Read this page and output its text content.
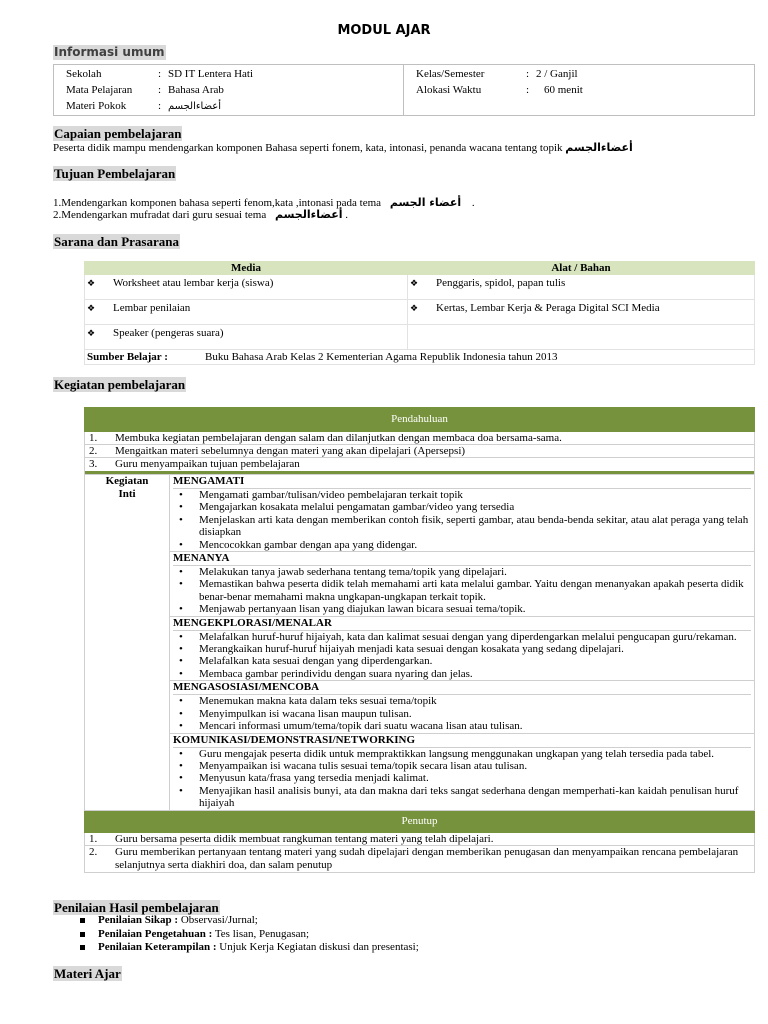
MODUL AJAR
Informasi umum
Sekolah	: SD IT Lentera Hati
Mata Pelajaran	: Bahasa Arab
Materi Pokok	: أعضاءالجسم

Kelas/Semester	: 2 / Ganjil
Alokasi Waktu	:	60 menit
Capaian pembelajaran
Peserta didik mampu mendengarkan komponen Bahasa seperti fonem, kata, intonasi, penanda wacana tentang topik أعضاءالجسم
Tujuan Pembelajaran
1.Mendengarkan komponen bahasa seperti fenom,kata ,intonasi pada tema أعضاء الجسم .
2.Mendengarkan mufradat dari guru sesuai tema أعضاءالجسم .
Sarana dan Prasarana
Media	Alat / Bahan
❖ Worksheet atau lembar kerja (siswa)	❖ Penggaris, spidol, papan tulis
❖ Lembar penilaian	❖ Kertas, Lembar Kerja & Peraga Digital SCI Media
❖ Speaker (pengeras suara)	
Sumber Belajar : Buku Bahasa Arab Kelas 2 Kementerian Agama Republik Indonesia tahun 2013	
Kegiatan pembelajaran
Pendahuluan

1.	Membuka kegiatan pembelajaran dengan salam dan dilanjutkan dengan membaca doa bersama-sama.
2.	Mengaitkan materi sebelumnya dengan materi yang akan dipelajari (Apersepsi)
3.	Guru menyampaikan tujuan pembelajaran

Kegiatan Inti	
MENGAMATI
• Mengamati gambar/tulisan/video pembelajaran terkait topik
• Mengajarkan kosakata melalui pengamatan gambar/video yang tersedia
• Menjelaskan arti kata dengan memberikan contoh fisik, seperti gambar, atau benda-benda sekitar, atau alat peraga yang telah disiapkan
• Mencocokkan gambar dengan apa yang didengar.
MENANYA
• Melakukan tanya jawab sederhana tentang tema/topik yang dipelajari.
• Memastikan bahwa peserta didik telah memahami arti kata melalui gambar. Yaitu dengan menanyakan apakah peserta didik benar-benar memahami makna ungkapan-ungkapan terkait topik.
• Menjawab pertanyaan lisan yang diajukan lawan bicara sesuai tema/topik.
MENGEKPLORASI/MENALAR
• Melafalkan huruf-huruf hijaiyah, kata dan kalimat sesuai dengan yang diperdengarkan melalui pengucapan guru/rekaman.
• Merangkaikan huruf-huruf hijaiyah menjadi kata sesuai dengan kosakata yang sedang dipelajari.
• Melafalkan kata sesuai dengan yang diperdengarkan.
• Membaca gambar perindividu dengan suara nyaring dan jelas.
MENGASOSIASI/MENCOBA
• Menemukan makna kata dalam teks sesuai tema/topik
• Menyimpulkan isi wacana lisan maupun tulisan.
• Mencari informasi umum/tema/topik dari suatu wacana lisan atau tulisan.
KOMUNIKASI/DEMONSTRASI/NETWORKING
• Guru mengajak peserta didik untuk mempraktikkan langsung menggunakan ungkapan yang telah tersedia pada tabel.
• Menyampaikan isi wacana tulis sesuai tema/topik secara lisan atau tulisan.
• Menyusun kata/frasa yang tersedia menjadi kalimat.
• Menyajikan hasil analisis bunyi, ata dan makna dari teks sangat sederhana dengan memperhati-kan kaidah penulisan huruf hijaiyah

Penutup

1.	Guru bersama peserta didik membuat rangkuman tentang materi yang telah dipelajari.
2.	Guru memberikan pertanyaan tentang materi yang sudah dipelajari dengan memberikan penugasan dan menyampaikan rencana pembelajaran selanjutnya serta diakhiri doa, dan salam penutup
Penilaian Hasil pembelajaran
Penilaian Sikap : Observasi/Jurnal;
Penilaian Pengetahuan : Tes lisan, Penugasan;
Penilaian Keterampilan : Unjuk Kerja Kegiatan diskusi dan presentasi;
Materi Ajar
